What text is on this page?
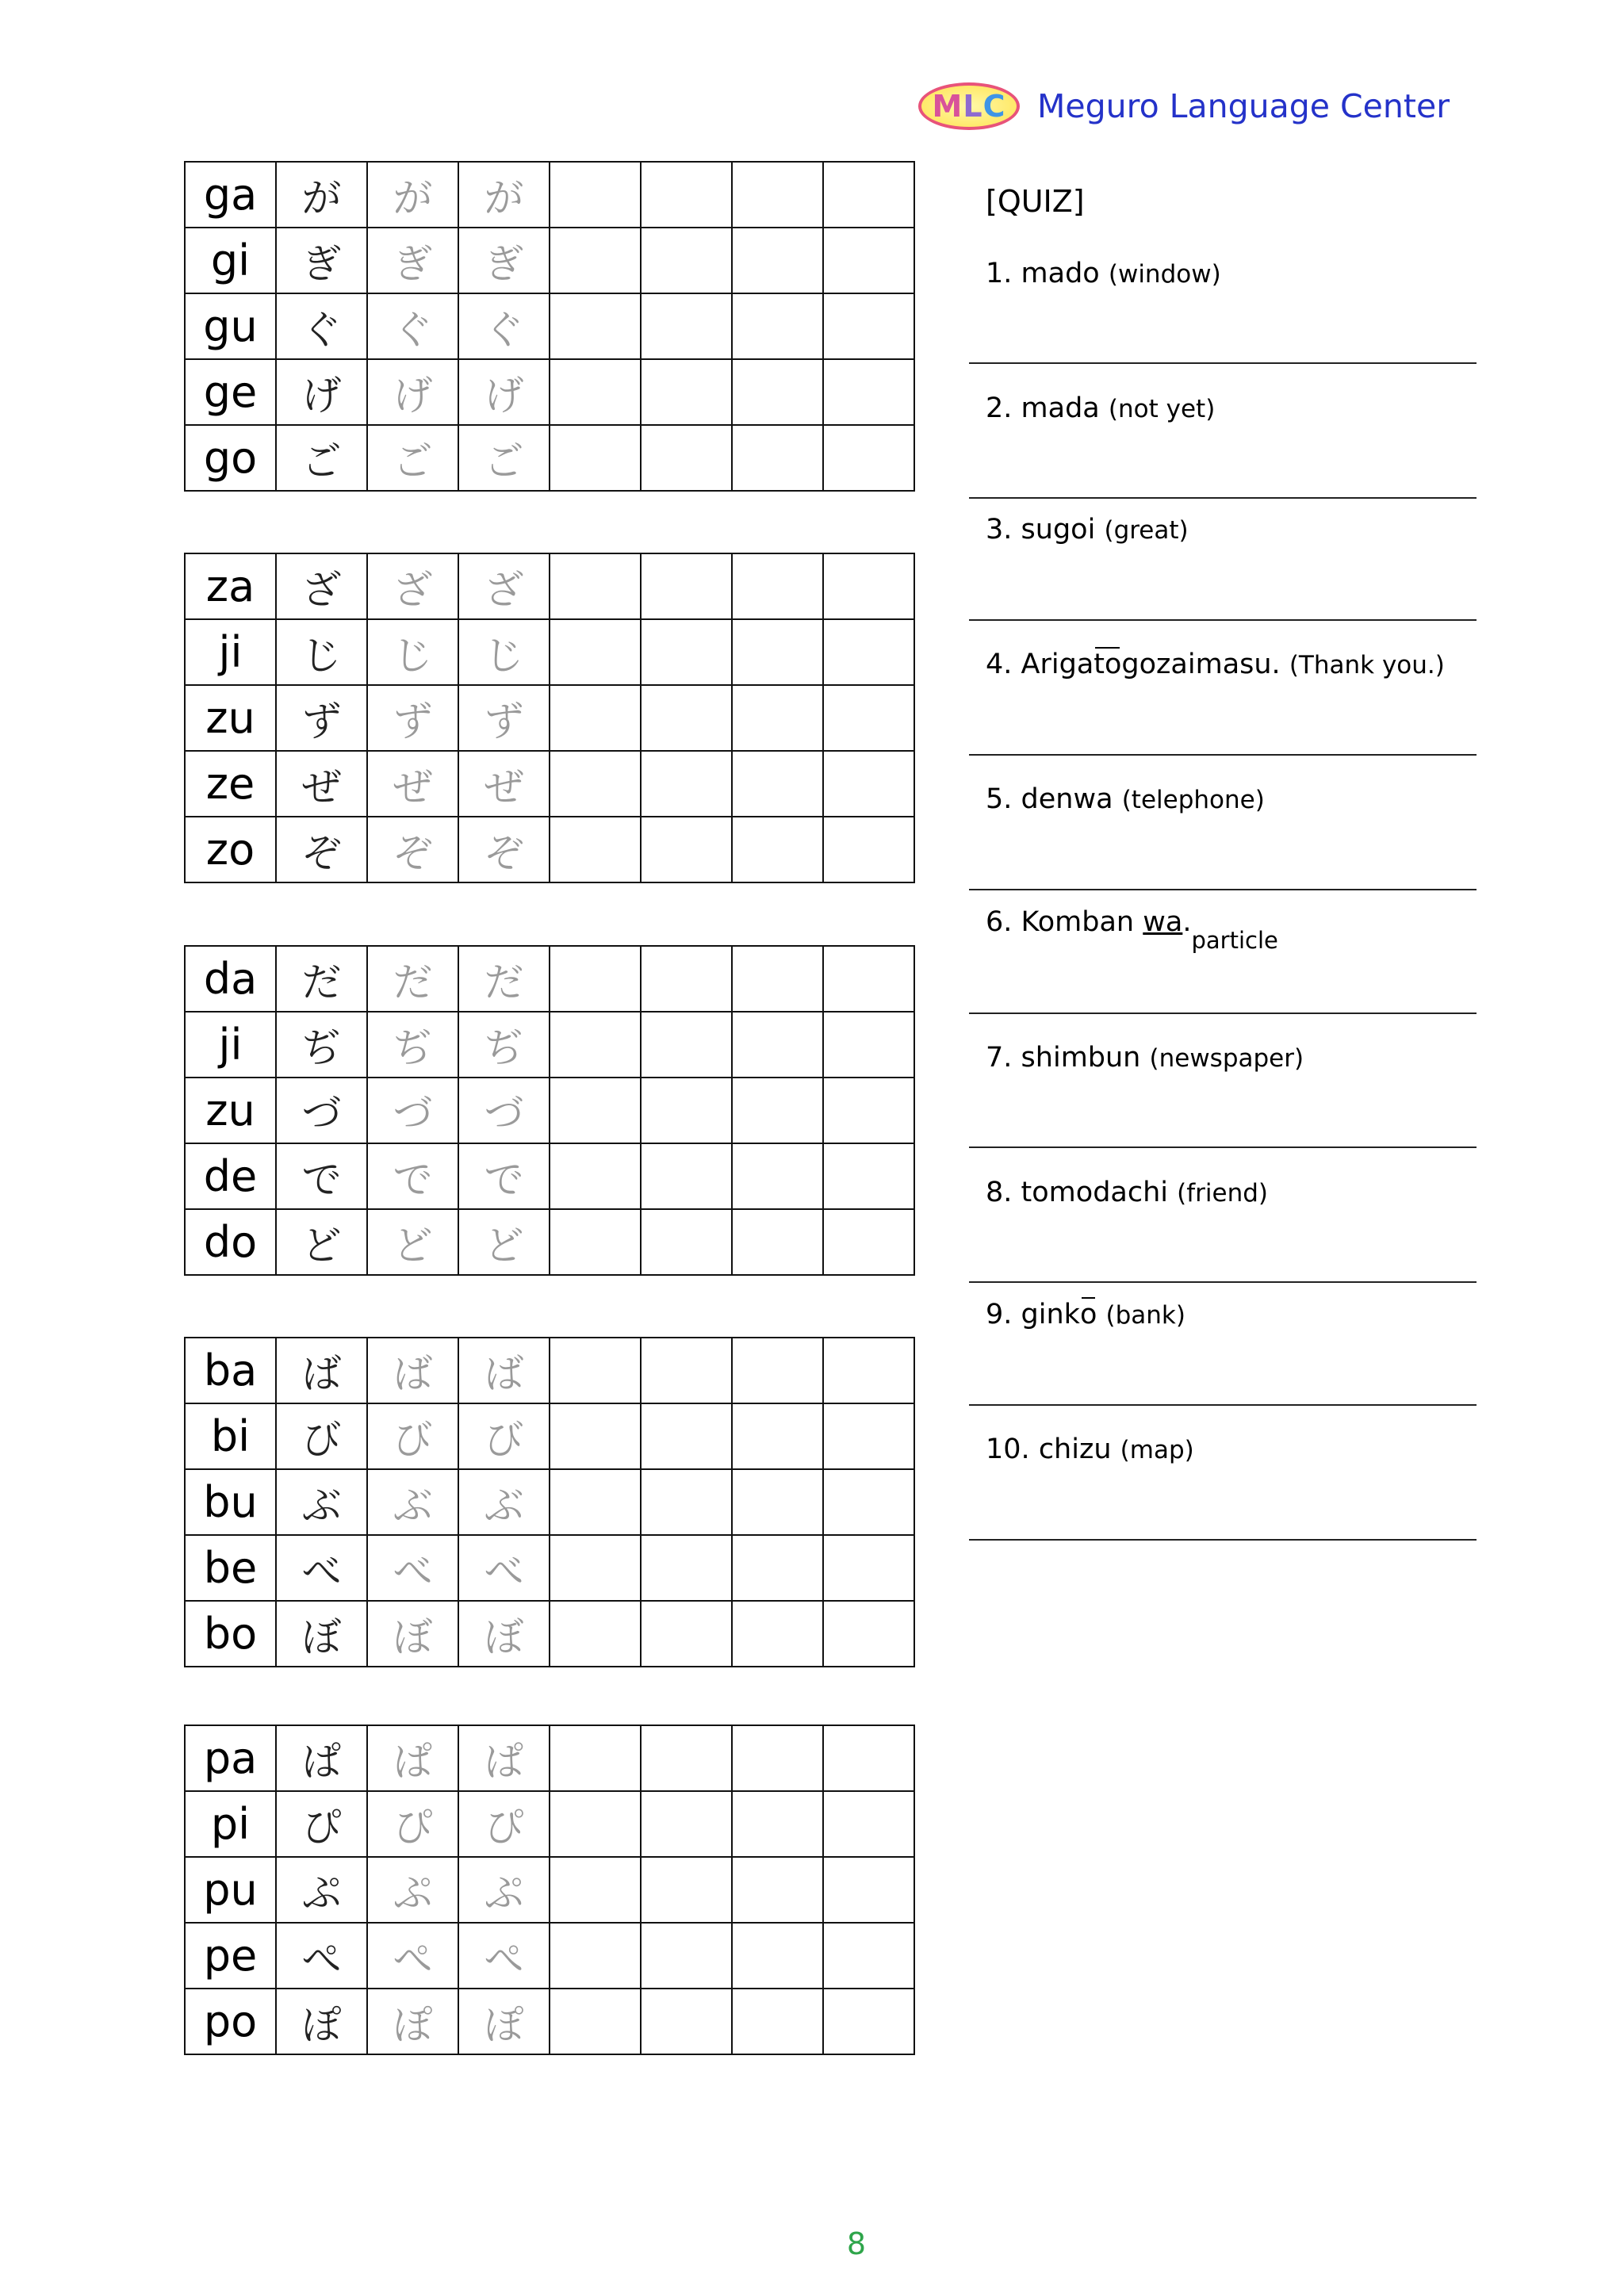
M L C Meguro Language Center
ga	が	が	が				
gi	ぎ	ぎ	ぎ				
gu	ぐ	ぐ	ぐ				
ge	げ	げ	げ				
go	ご	ご	ご				
za	ざ	ざ	ざ				
ji	じ	じ	じ				
zu	ず	ず	ず				
ze	ぜ	ぜ	ぜ				
zo	ぞ	ぞ	ぞ				
da	だ	だ	だ				
ji	ぢ	ぢ	ぢ				
zu	づ	づ	づ				
de	で	で	で				
do	ど	ど	ど				
ba	ば	ば	ば				
bi	び	び	び				
bu	ぶ	ぶ	ぶ				
be	べ	べ	べ				
bo	ぼ	ぼ	ぼ				
pa	ぱ	ぱ	ぱ				
pi	ぴ	ぴ	ぴ				
pu	ぷ	ぷ	ぷ				
pe	ぺ	ぺ	ぺ				
po	ぽ	ぽ	ぽ				
[QUIZ]
1. mado (window)
2. mada (not yet)
3. sugoi (great)
4. Arigatogozaimasu. (Thank you.)
5. denwa (telephone)
6. Komban $wa._{particle}$
7. shimbun (newspaper)
8. tomodachi (friend)
9. ginko (bank)
10. chizu (map)
8
